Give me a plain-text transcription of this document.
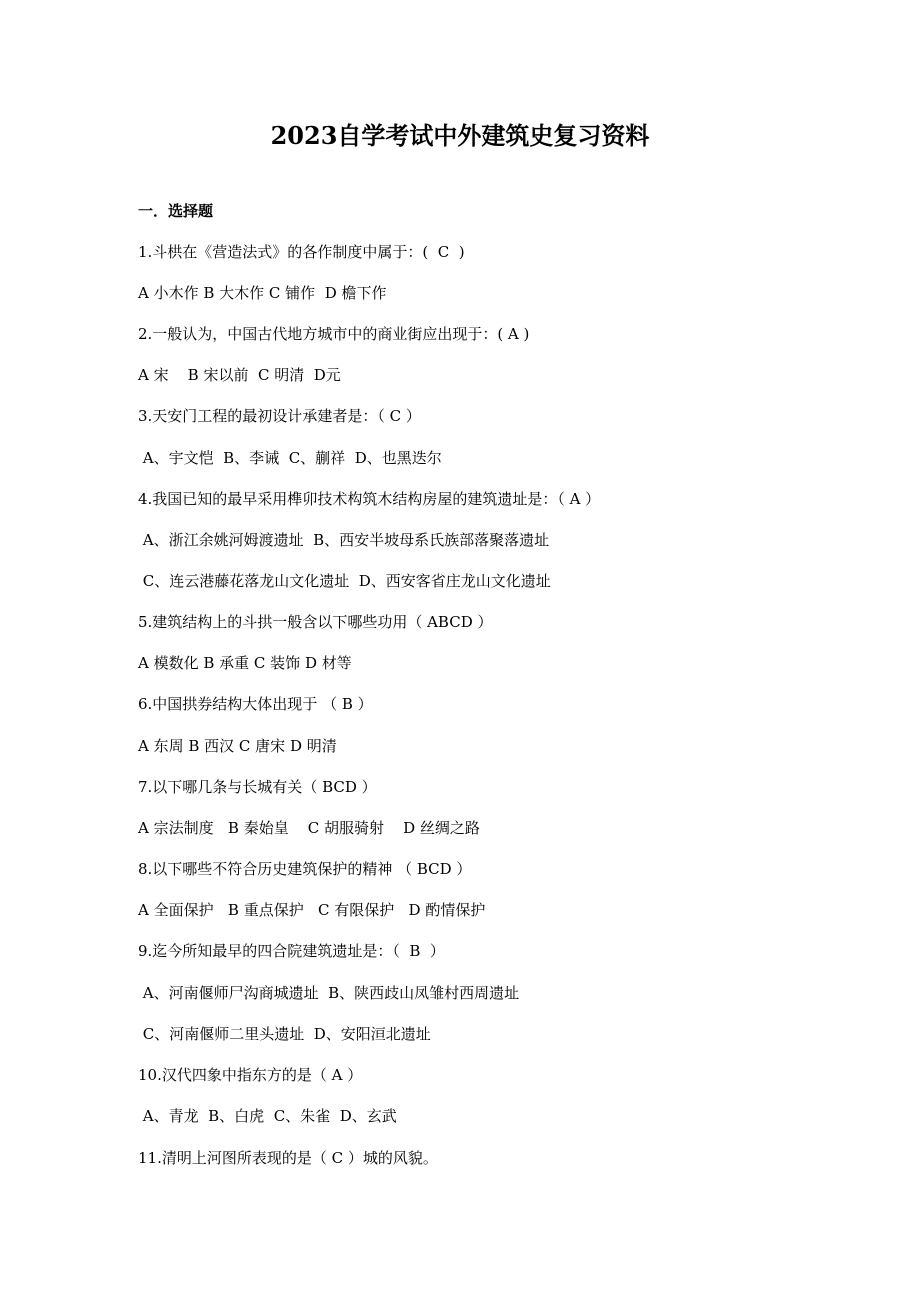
2023自学考试中外建筑史复习资料
一．选择题
1.斗栱在《营造法式》的各作制度中属于：(  C  )
A 小木作 B 大木作 C 铺作  D 檐下作
2.一般认为，中国古代地方城市中的商业街应出现于：( A )
A 宋    B 宋以前  C 明清  D元
3.天安门工程的最初设计承建者是：（ C ）
A、宇文恺  B、李诫  C、蒯祥  D、也黑迭尔
4.我国已知的最早采用榫卯技术构筑木结构房屋的建筑遗址是：（ A ）
A、浙江余姚河姆渡遗址  B、西安半坡母系氏族部落聚落遗址
C、连云港藤花落龙山文化遗址  D、西安客省庄龙山文化遗址
5.建筑结构上的斗拱一般含以下哪些功用（ ABCD ）
A 模数化 B 承重 C 装饰 D 材等
6.中国拱券结构大体出现于 （ B ）
A 东周 B 西汉 C 唐宋 D 明清
7.以下哪几条与长城有关（ BCD ）
A 宗法制度   B 秦始皇    C 胡服骑射    D 丝绸之路
8.以下哪些不符合历史建筑保护的精神 （ BCD ）
A 全面保护   B 重点保护   C 有限保护   D 酌情保护
9.迄今所知最早的四合院建筑遗址是：（  B  ）
A、河南偃师尸沟商城遗址  B、陕西歧山凤雏村西周遗址
C、河南偃师二里头遗址  D、安阳洹北遗址
10.汉代四象中指东方的是（ A ）
A、青龙  B、白虎  C、朱雀  D、玄武
11.清明上河图所表现的是（ C ）城的风貌。
